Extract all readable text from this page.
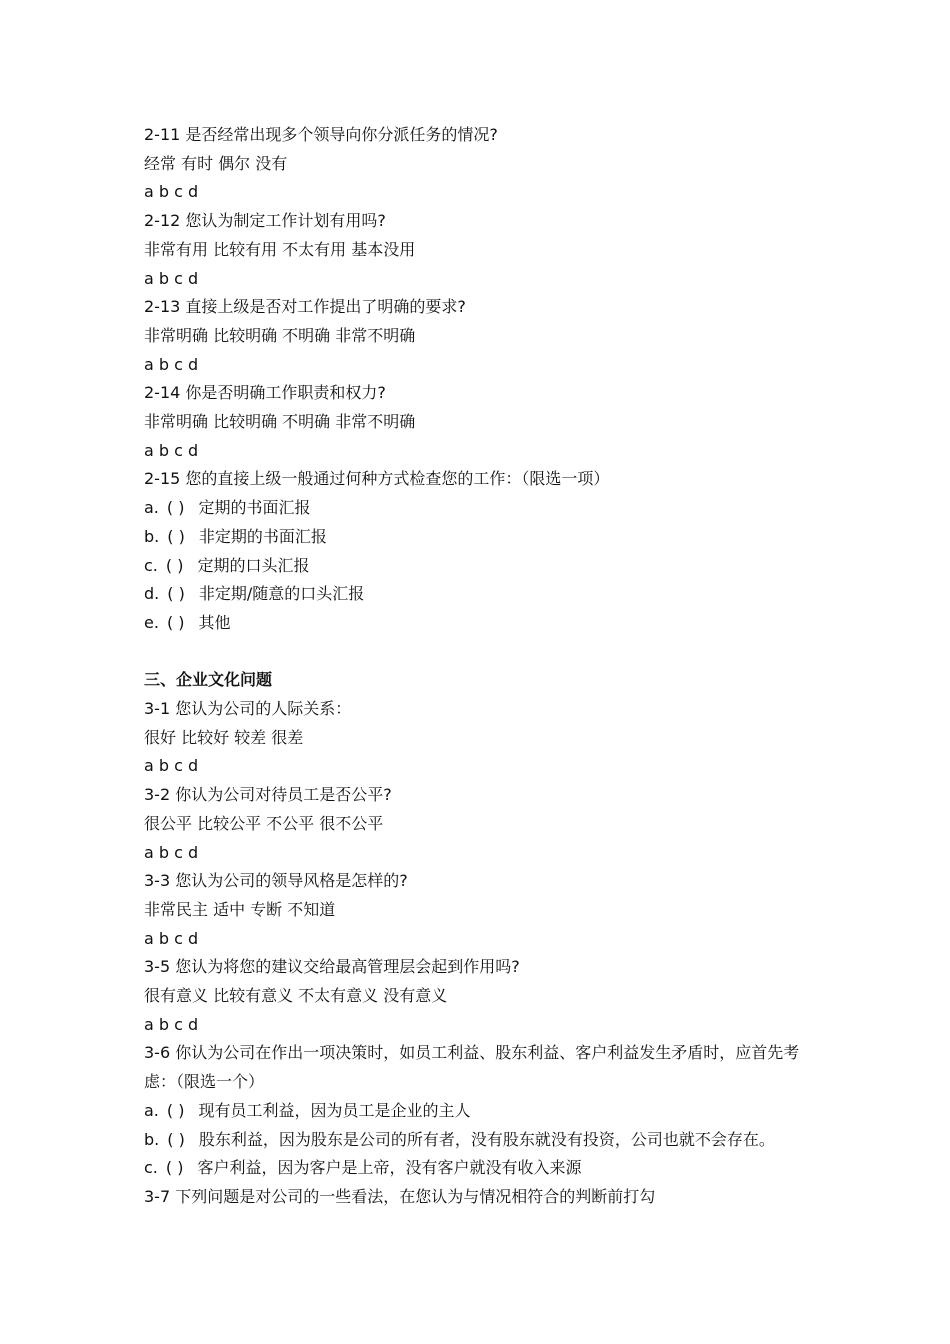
2-11 是否经常出现多个领导向你分派任务的情况?
经常 有时 偶尔 没有
a b c d
2-12 您认为制定工作计划有用吗?
非常有用 比较有用 不太有用 基本没用
a b c d
2-13 直接上级是否对工作提出了明确的要求?
非常明确 比较明确 不明确 非常不明确
a b c d
2-14 你是否明确工作职责和权力?
非常明确 比较明确 不明确 非常不明确
a b c d
2-15 您的直接上级一般通过何种方式检查您的工作：（限选一项）
a. ( ) 定期的书面汇报
b. ( ) 非定期的书面汇报
c. ( ) 定期的口头汇报
d. ( ) 非定期/随意的口头汇报
e. ( ) 其他
三、企业文化问题
3-1 您认为公司的人际关系：
很好 比较好 较差 很差
a b c d
3-2 你认为公司对待员工是否公平?
很公平 比较公平 不公平 很不公平
a b c d
3-3 您认为公司的领导风格是怎样的?
非常民主 适中 专断 不知道
a b c d
3-5 您认为将您的建议交给最高管理层会起到作用吗?
很有意义 比较有意义 不太有意义 没有意义
a b c d
3-6 你认为公司在作出一项决策时，如员工利益、股东利益、客户利益发生矛盾时，应首先考虑：（限选一个）
a. ( ) 现有员工利益，因为员工是企业的主人
b. ( ) 股东利益，因为股东是公司的所有者，没有股东就没有投资，公司也就不会存在。
c. ( ) 客户利益，因为客户是上帝，没有客户就没有收入来源
3-7 下列问题是对公司的一些看法，在您认为与情况相符合的判断前打勾
